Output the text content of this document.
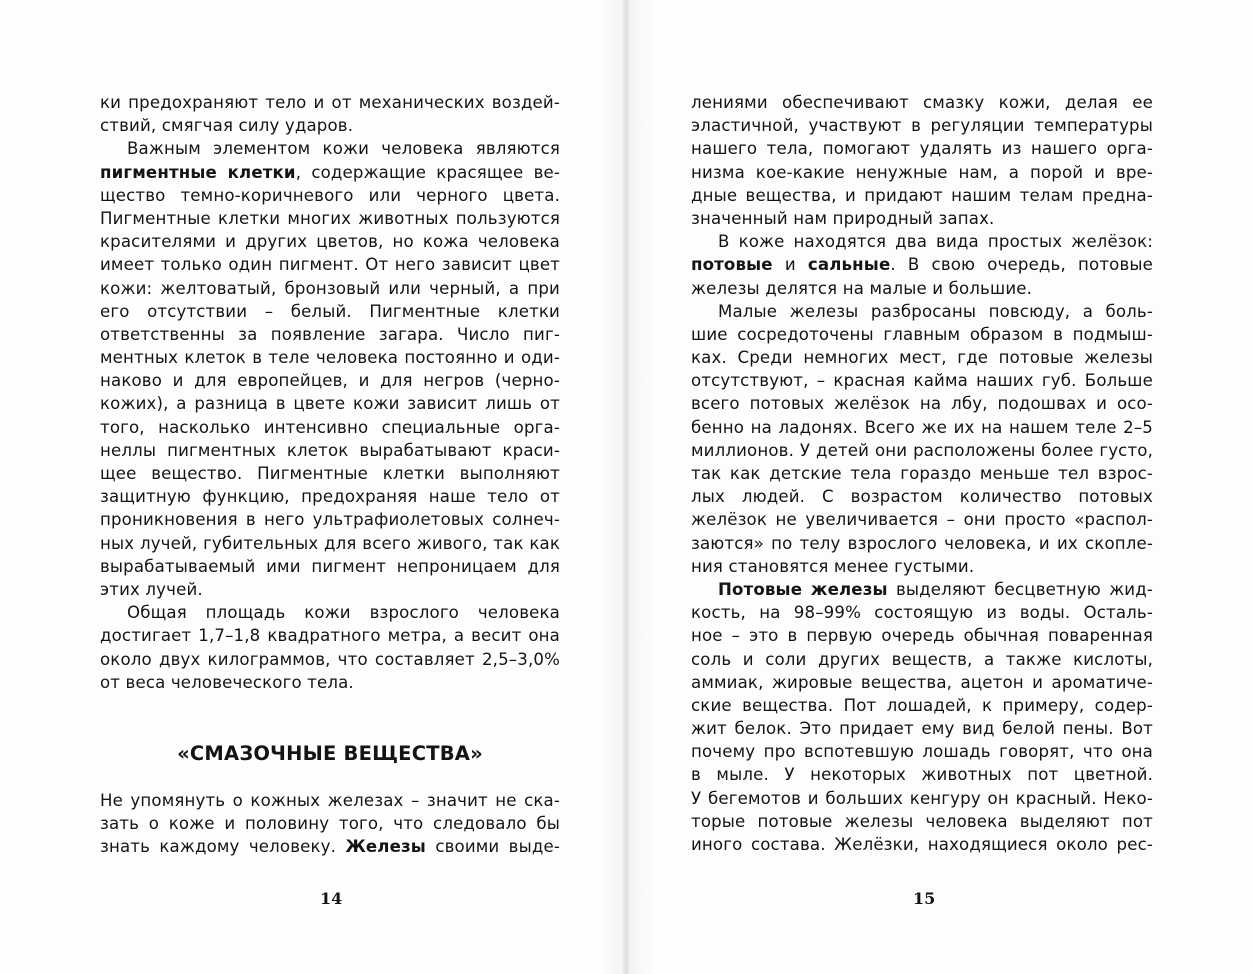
ки предохраняют тело и от механических воздей-
ствий, смягчая силу ударов.
Важным элементом кожи человека являются
пигментные клетки, содержащие красящее ве-
щество темно-коричневого или черного цвета.
Пигментные клетки многих животных пользуются
красителями и других цветов, но кожа человека
имеет только один пигмент. От него зависит цвет
кожи: желтоватый, бронзовый или черный, а при
его отсутствии – белый. Пигментные клетки
ответственны за появление загара. Число пиг-
ментных клеток в теле человека постоянно и оди-
наково и для европейцев, и для негров (черно-
кожих), а разница в цвете кожи зависит лишь от
того, насколько интенсивно специальные орга-
неллы пигментных клеток вырабатывают краси-
щее вещество. Пигментные клетки выполняют
защитную функцию, предохраняя наше тело от
проникновения в него ультрафиолетовых солнеч-
ных лучей, губительных для всего живого, так как
вырабатываемый ими пигмент непроницаем для
этих лучей.
Общая площадь кожи взрослого человека
достигает 1,7–1,8 квадратного метра, а весит она
около двух килограммов, что составляет 2,5–3,0%
от веса человеческого тела.
«СМАЗОЧНЫЕ ВЕЩЕСТВА»
Не упомянуть о кожных железах – значит не ска-
зать о коже и половину того, что следовало бы
знать каждому человеку. Железы своими выде-
14
лениями обеспечивают смазку кожи, делая ее
эластичной, участвуют в регуляции температуры
нашего тела, помогают удалять из нашего орга-
низма кое-какие ненужные нам, а порой и вре-
дные вещества, и придают нашим телам предна-
значенный нам природный запах.
В коже находятся два вида простых желёзок:
потовые и сальные. В свою очередь, потовые
железы делятся на малые и большие.
Малые железы разбросаны повсюду, а боль-
шие сосредоточены главным образом в подмыш-
ках. Среди немногих мест, где потовые железы
отсутствуют, – красная кайма наших губ. Больше
всего потовых желёзок на лбу, подошвах и осо-
бенно на ладонях. Всего же их на нашем теле 2–5
миллионов. У детей они расположены более густо,
так как детские тела гораздо меньше тел взрос-
лых людей. С возрастом количество потовых
желёзок не увеличивается – они просто «распол-
заются» по телу взрослого человека, и их скопле-
ния становятся менее густыми.
Потовые железы выделяют бесцветную жид-
кость, на 98–99% состоящую из воды. Осталь-
ное – это в первую очередь обычная поваренная
соль и соли других веществ, а также кислоты,
аммиак, жировые вещества, ацетон и ароматиче-
ские вещества. Пот лошадей, к примеру, содер-
жит белок. Это придает ему вид белой пены. Вот
почему про вспотевшую лошадь говорят, что она
в мыле. У некоторых животных пот цветной.
У бегемотов и больших кенгуру он красный. Неко-
торые потовые железы человека выделяют пот
иного состава. Желёзки, находящиеся около рес-
15
